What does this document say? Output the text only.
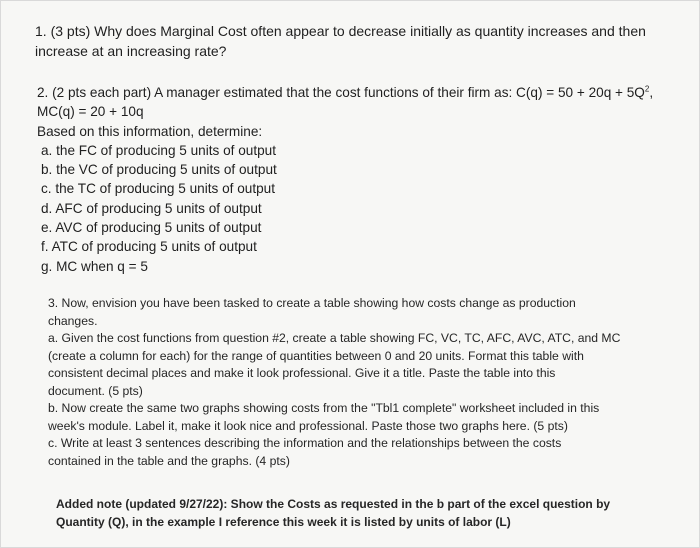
1. (3 pts) Why does Marginal Cost often appear to decrease initially as quantity increases and then
increase at an increasing rate?
2. (2 pts each part) A manager estimated that the cost functions of their firm as: $C(q) = 50 + 20q + 5Q^2$,
MC(q) = 20 + 10q
Based on this information, determine:
a. the FC of producing 5 units of output
b. the VC of producing 5 units of output
c. the TC of producing 5 units of output
d. AFC of producing 5 units of output
e. AVC of producing 5 units of output
f. ATC of producing 5 units of output
g. MC when q = 5
3. Now, envision you have been tasked to create a table showing how costs change as production
changes.
a. Given the cost functions from question #2, create a table showing FC, VC, TC, AFC, AVC, ATC, and MC
(create a column for each) for the range of quantities between 0 and 20 units. Format this table with
consistent decimal places and make it look professional. Give it a title. Paste the table into this
document. (5 pts)
b. Now create the same two graphs showing costs from the "Tbl1 complete" worksheet included in this
week's module. Label it, make it look nice and professional. Paste those two graphs here. (5 pts)
c. Write at least 3 sentences describing the information and the relationships between the costs
contained in the table and the graphs. (4 pts)
Added note (updated 9/27/22): Show the Costs as requested in the b part of the excel question by
Quantity (Q), in the example I reference this week it is listed by units of labor (L)
